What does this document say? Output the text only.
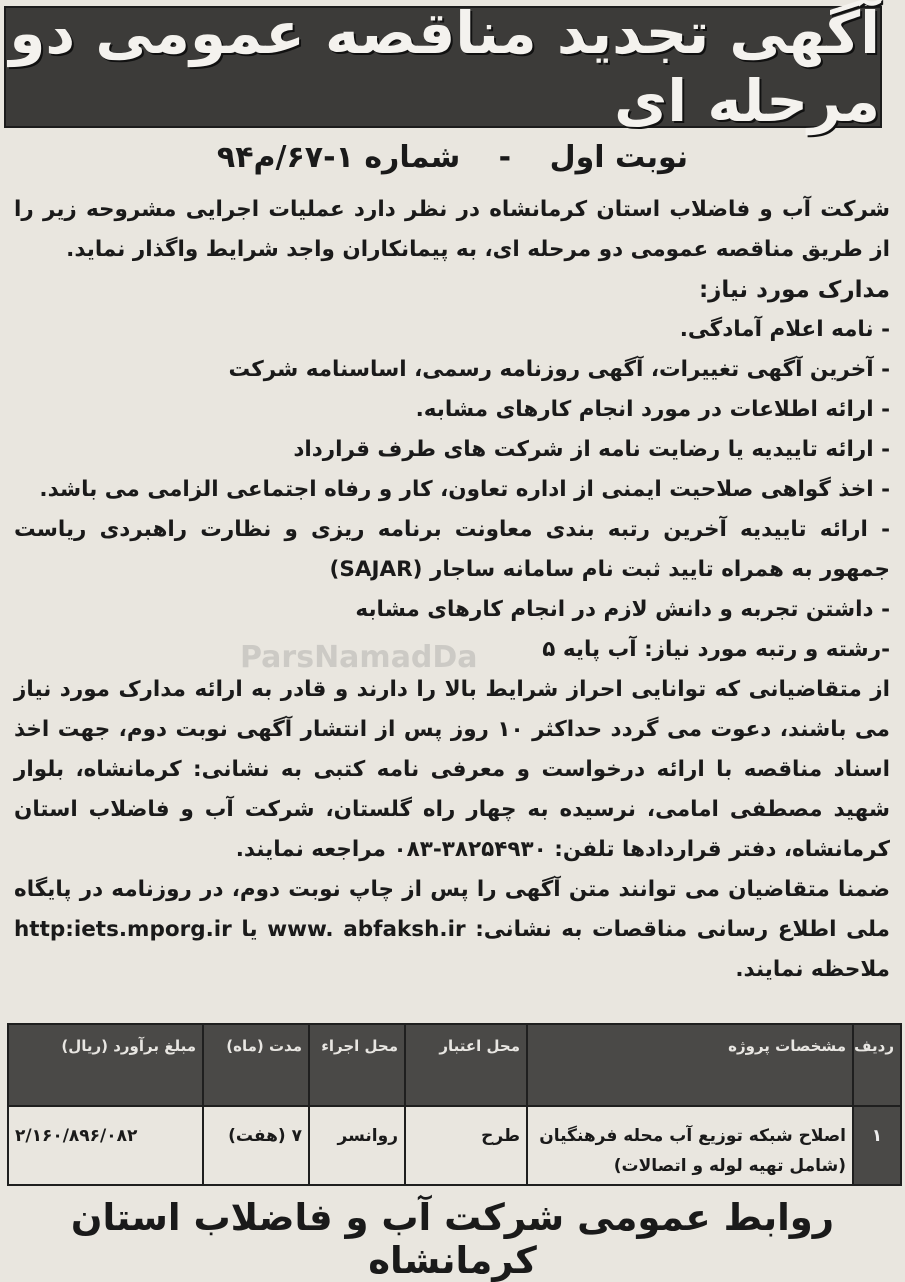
آگهی تجدید مناقصه عمومی دو مرحله ای
نوبت اول - شماره ۱-۶۷/م۹۴

شرکت آب و فاضلاب استان کرمانشاه در نظر دارد عملیات اجرایی مشروحه زیر را از طریق مناقصه عمومی دو مرحله ای، به پیمانکاران واجد شرایط واگذار نماید.

مدارک مورد نیاز:

- نامه اعلام آمادگی.

- آخرین آگهی تغییرات، آگهی روزنامه رسمی، اساسنامه شرکت

- ارائه اطلاعات در مورد انجام کارهای مشابه.

- ارائه تاییدیه یا رضایت نامه از شرکت های طرف قرارداد

- اخذ گواهی صلاحیت ایمنی از اداره تعاون، کار و رفاه اجتماعی الزامی می باشد.

- ارائه تاییدیه آخرین رتبه بندی معاونت برنامه ریزی و نظارت راهبردی ریاست جمهور به همراه تایید ثبت نام سامانه ساجار (SAJAR)

- داشتن تجربه و دانش لازم در انجام کارهای مشابه

-رشته و رتبه مورد نیاز: آب پایه ۵

از متقاضیانی که توانایی احراز شرایط بالا را دارند و قادر به ارائه مدارک مورد نیاز می باشند، دعوت می گردد حداکثر ۱۰ روز پس از انتشار آگهی نوبت دوم، جهت اخذ اسناد مناقصه با ارائه درخواست و معرفی نامه کتبی به نشانی: کرمانشاه، بلوار شهید مصطفی امامی، نرسیده به چهار راه گلستان، شرکت آب و فاضلاب استان کرمانشاه، دفتر قراردادها تلفن: ۳۸۲۵۴۹۳۰-۰۸۳ مراجعه نمایند.

ضمنا متقاضیان می توانند متن آگهی را پس از چاپ نوبت دوم، در روزنامه در پایگاه ملی اطلاع رسانی مناقصات به نشانی: www. abfaksh.ir یا http:iets.mporg.ir ملاحظه نمایند.

ParsNamadDa
ردیف	مشخصات پروژه	محل اعتبار	محل اجراء	مدت (ماه)	مبلغ برآورد (ریال)
۱	اصلاح شبکه توزیع آب محله فرهنگیان (شامل تهیه لوله و اتصالات)	طرح	روانسر	۷ (هفت)	۲/۱۶۰/۸۹۶/۰۸۲
روابط عمومی شرکت آب و فاضلاب استان کرمانشاه
